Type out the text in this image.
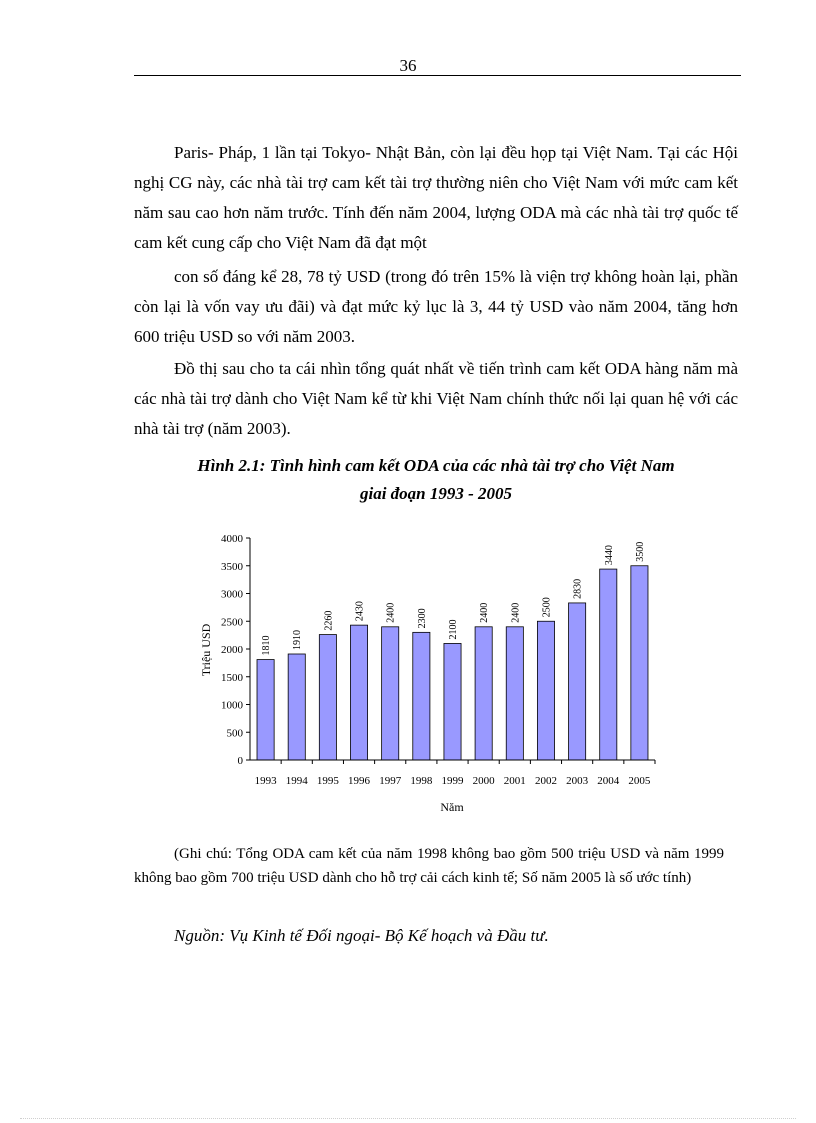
36

Paris- Pháp, 1 lần tại Tokyo- Nhật Bản, còn lại đều họp tại Việt Nam. Tại các Hội nghị CG này, các nhà tài trợ cam kết tài trợ thường niên cho Việt Nam với mức cam kết năm sau cao hơn năm trước. Tính đến năm 2004, lượng ODA mà các nhà tài trợ quốc tế cam kết cung cấp cho Việt Nam đã đạt một

con số đáng kể 28, 78 tỷ USD (trong đó trên 15% là viện trợ không hoàn lại, phần còn lại là vốn vay ưu đãi) và đạt mức kỷ lục là 3, 44 tỷ USD vào năm 2004, tăng hơn 600 triệu USD so với năm 2003.

Đồ thị sau cho ta cái nhìn tổng quát nhất về tiến trình cam kết ODA hàng năm mà các nhà tài trợ dành cho Việt Nam kể từ khi Việt Nam chính thức nối lại quan hệ với các nhà tài trợ (năm 2003).

Hình 2.1: Tình hình cam kết ODA của các nhà tài trợ cho Việt Nam
giai đoạn 1993 - 2005
0
500
1000
1500
2000
2500
3000
3500
4000
1810 1910
2260 2430 2400 2300
2100
2400 2400 2500
2830
3440 3500
1993 1994 1995 1996 1997 1998 1999 2000 2001 2002 2003 2004 2005
Triệu USD
Năm

(Ghi chú: Tổng ODA cam kết của năm 1998 không bao gồm 500 triệu USD và năm 1999 không bao gồm 700 triệu USD dành cho hỗ trợ cải cách kinh tế; Số năm 2005 là số ước tính)

Nguồn: Vụ Kinh tế Đối ngoại- Bộ Kế hoạch và Đầu tư.
